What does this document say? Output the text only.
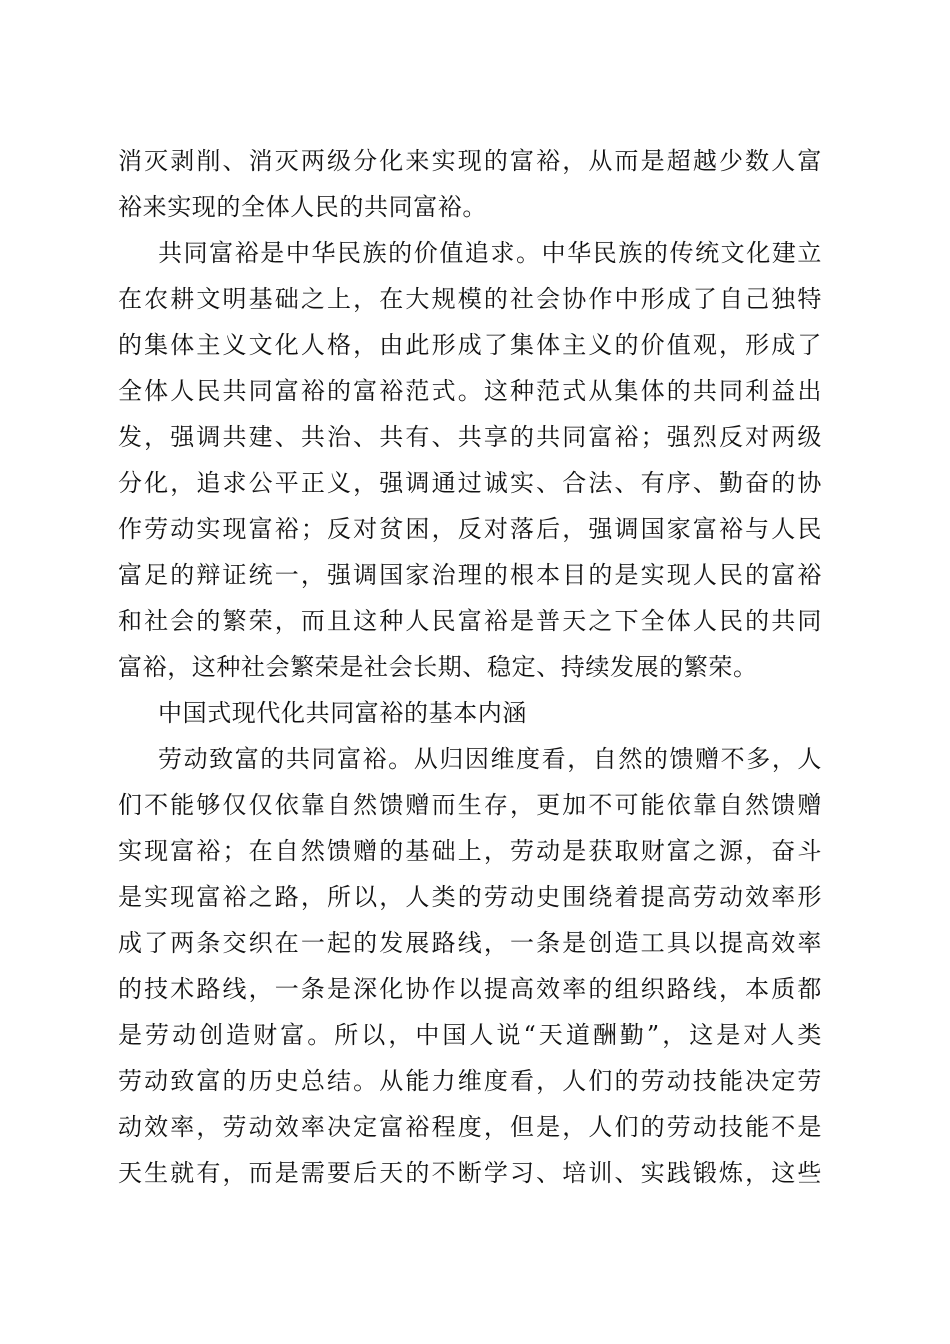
消灭剥削、消灭两级分化来实现的富裕，从而是超越少数人富
裕来实现的全体人民的共同富裕。
共同富裕是中华民族的价值追求。中华民族的传统文化建立
在农耕文明基础之上，在大规模的社会协作中形成了自己独特
的集体主义文化人格，由此形成了集体主义的价值观，形成了
全体人民共同富裕的富裕范式。这种范式从集体的共同利益出
发，强调共建、共治、共有、共享的共同富裕；强烈反对两级
分化，追求公平正义，强调通过诚实、合法、有序、勤奋的协
作劳动实现富裕；反对贫困，反对落后，强调国家富裕与人民
富足的辩证统一，强调国家治理的根本目的是实现人民的富裕
和社会的繁荣，而且这种人民富裕是普天之下全体人民的共同
富裕，这种社会繁荣是社会长期、稳定、持续发展的繁荣。
中国式现代化共同富裕的基本内涵
劳动致富的共同富裕。从归因维度看，自然的馈赠不多，人
们不能够仅仅依靠自然馈赠而生存，更加不可能依靠自然馈赠
实现富裕；在自然馈赠的基础上，劳动是获取财富之源，奋斗
是实现富裕之路，所以，人类的劳动史围绕着提高劳动效率形
成了两条交织在一起的发展路线，一条是创造工具以提高效率
的技术路线，一条是深化协作以提高效率的组织路线，本质都
是劳动创造财富。所以，中国人说“天道酬勤”，这是对人类
劳动致富的历史总结。从能力维度看，人们的劳动技能决定劳
动效率，劳动效率决定富裕程度，但是，人们的劳动技能不是
天生就有，而是需要后天的不断学习、培训、实践锻炼，这些
